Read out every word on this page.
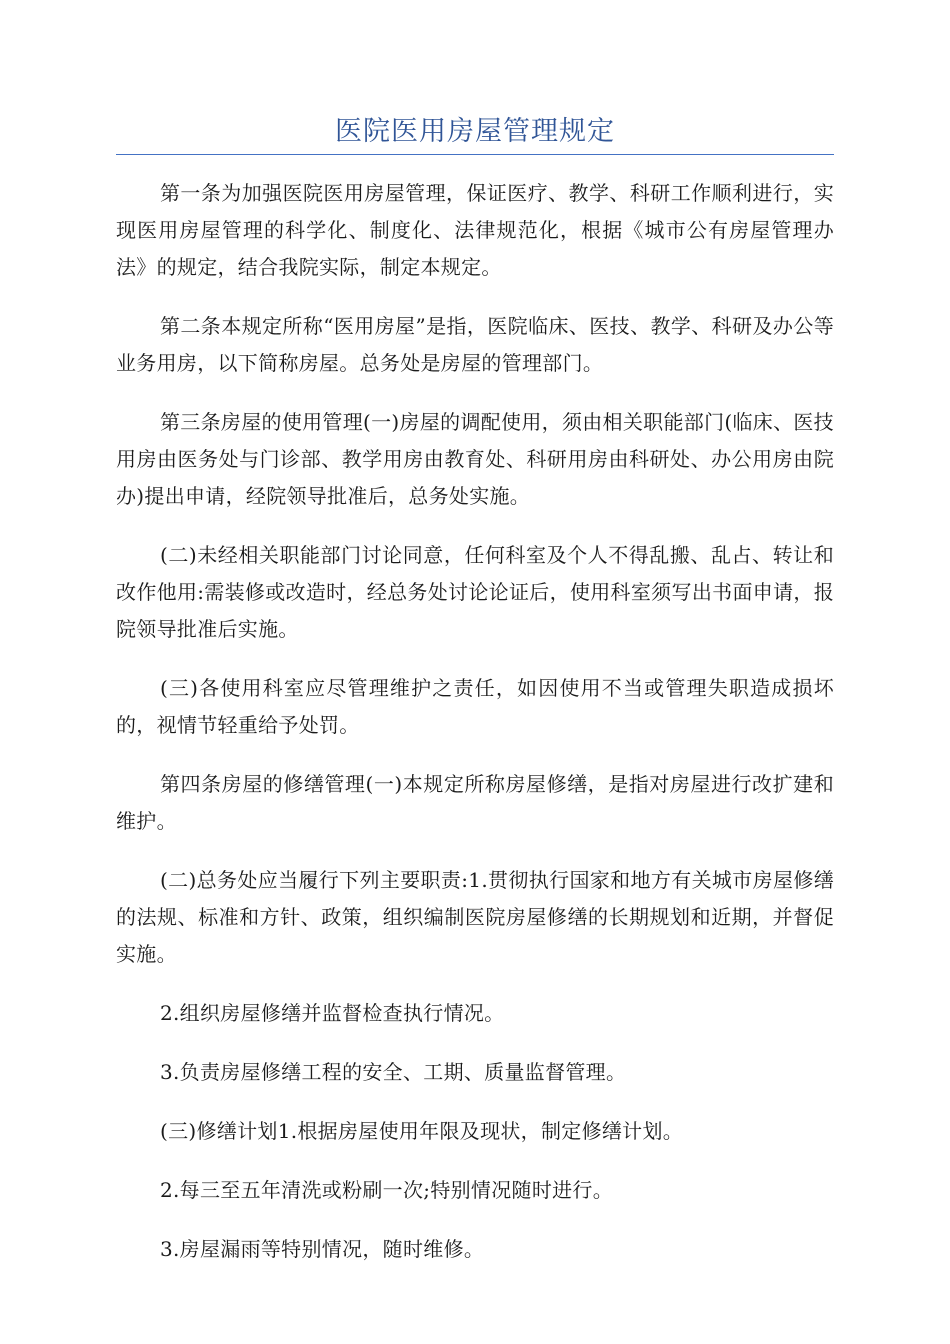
医院医用房屋管理规定

第一条为加强医院医用房屋管理，保证医疗、教学、科研工作顺利进行，实现医用房屋管理的科学化、制度化、法律规范化，根据《城市公有房屋管理办法》的规定，结合我院实际，制定本规定。

第二条本规定所称“医用房屋”是指，医院临床、医技、教学、科研及办公等业务用房，以下简称房屋。总务处是房屋的管理部门。

第三条房屋的使用管理(一)房屋的调配使用，须由相关职能部门(临床、医技用房由医务处与门诊部、教学用房由教育处、科研用房由科研处、办公用房由院办)提出申请，经院领导批准后，总务处实施。

(二)未经相关职能部门讨论同意，任何科室及个人不得乱搬、乱占、转让和改作他用:需装修或改造时，经总务处讨论论证后，使用科室须写出书面申请，报院领导批准后实施。

(三)各使用科室应尽管理维护之责任，如因使用不当或管理失职造成损坏的，视情节轻重给予处罚。

第四条房屋的修缮管理(一)本规定所称房屋修缮，是指对房屋进行改扩建和维护。

(二)总务处应当履行下列主要职责:1.贯彻执行国家和地方有关城市房屋修缮的法规、标准和方针、政策，组织编制医院房屋修缮的长期规划和近期，并督促实施。

2.组织房屋修缮并监督检查执行情况。

3.负责房屋修缮工程的安全、工期、质量监督管理。

(三)修缮计划1.根据房屋使用年限及现状，制定修缮计划。

2.每三至五年清洗或粉刷一次;特别情况随时进行。

3.房屋漏雨等特别情况，随时维修。
